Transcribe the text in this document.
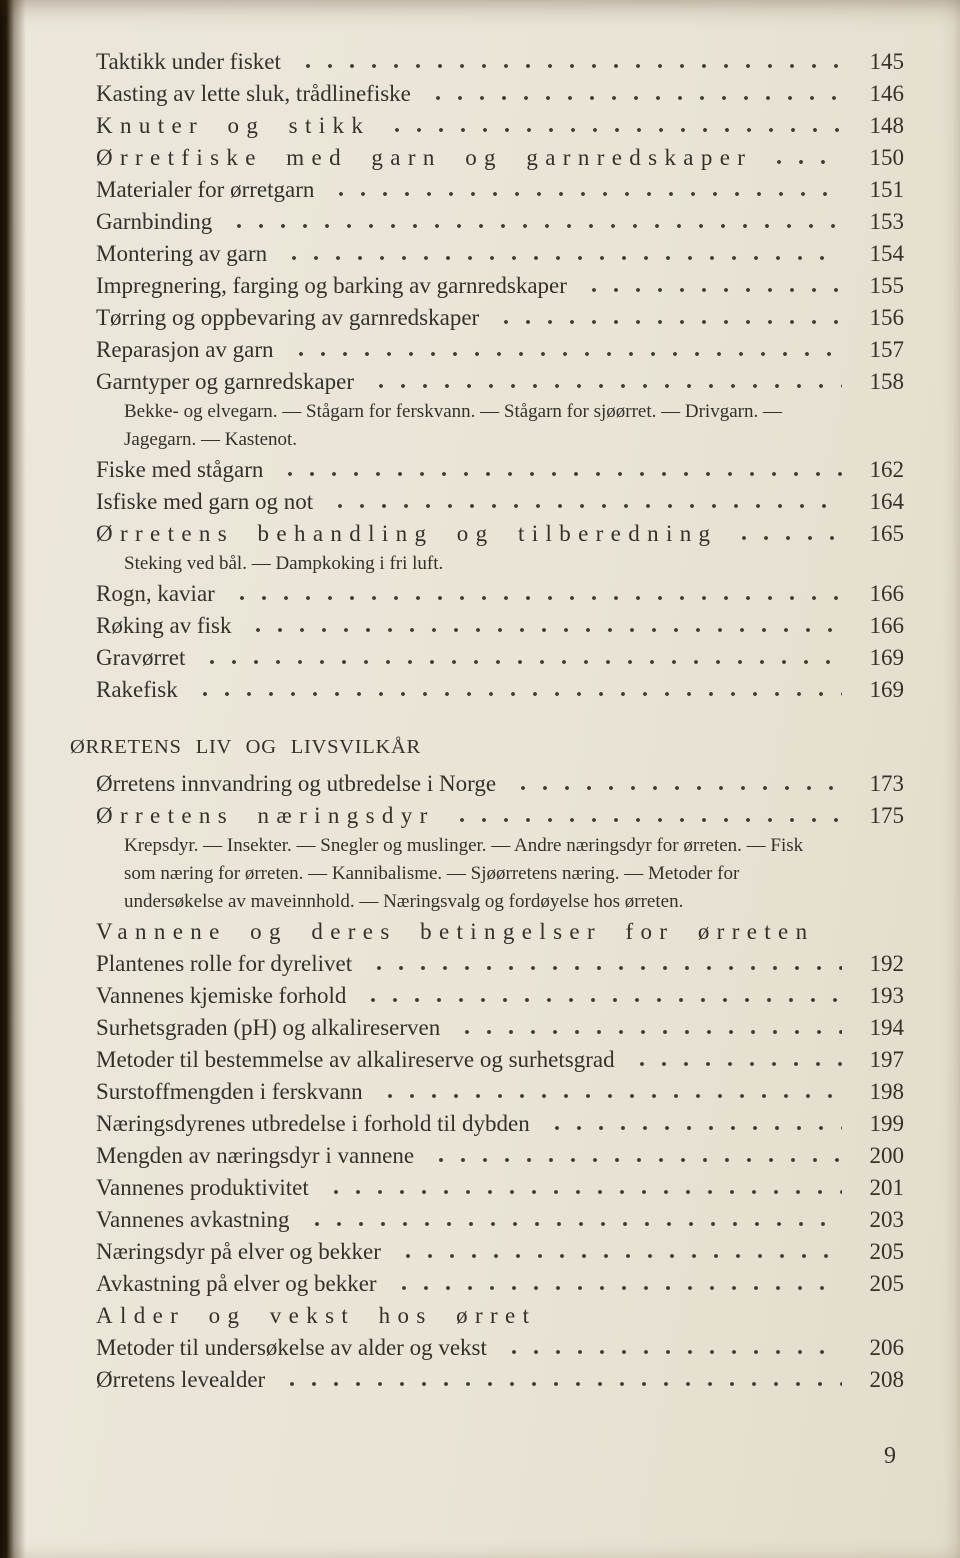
Taktikk under fisket	145
Kasting av lette sluk, trådlinefiske	146
Knuter og stikk	148
Ørretfiske med garn og garnredskaper	150
Materialer for ørretgarn	151
Garnbinding	153
Montering av garn	154
Impregnering, farging og barking av garnredskaper	155
Tørring og oppbevaring av garnredskaper	156
Reparasjon av garn	157
Garntyper og garnredskaper	158
Bekke- og elvegarn. — Stågarn for ferskvann. — Stågarn for sjøørret. — Drivgarn. — Jagegarn. — Kastenot.
Fiske med stågarn	162
Isfiske med garn og not	164
Ørretens behandling og tilberedning	165
Steking ved bål. — Dampkoking i fri luft.
Rogn, kaviar	166
Røking av fisk	166
Gravørret	169
Rakefisk	169
ØRRETENS LIV OG LIVSVILKÅR
Ørretens innvandring og utbredelse i Norge	173
Ørretens næringsdyr	175
Krepsdyr. — Insekter. — Snegler og muslinger. — Andre næringsdyr for ørreten. — Fisk som næring for ørreten. — Kannibalisme. — Sjøørretens næring. — Metoder for undersøkelse av maveinnhold. — Næringsvalg og fordøyelse hos ørreten.
Vannene og deres betingelser for ørreten
Plantenes rolle for dyrelivet	192
Vannenes kjemiske forhold	193
Surhetsgraden (pH) og alkalireserven	194
Metoder til bestemmelse av alkalireserve og surhetsgrad	197
Surstoffmengden i ferskvann	198
Næringsdyrenes utbredelse i forhold til dybden	199
Mengden av næringsdyr i vannene	200
Vannenes produktivitet	201
Vannenes avkastning	203
Næringsdyr på elver og bekker	205
Avkastning på elver og bekker	205
Alder og vekst hos ørret
Metoder til undersøkelse av alder og vekst	206
Ørretens levealder	208
9
